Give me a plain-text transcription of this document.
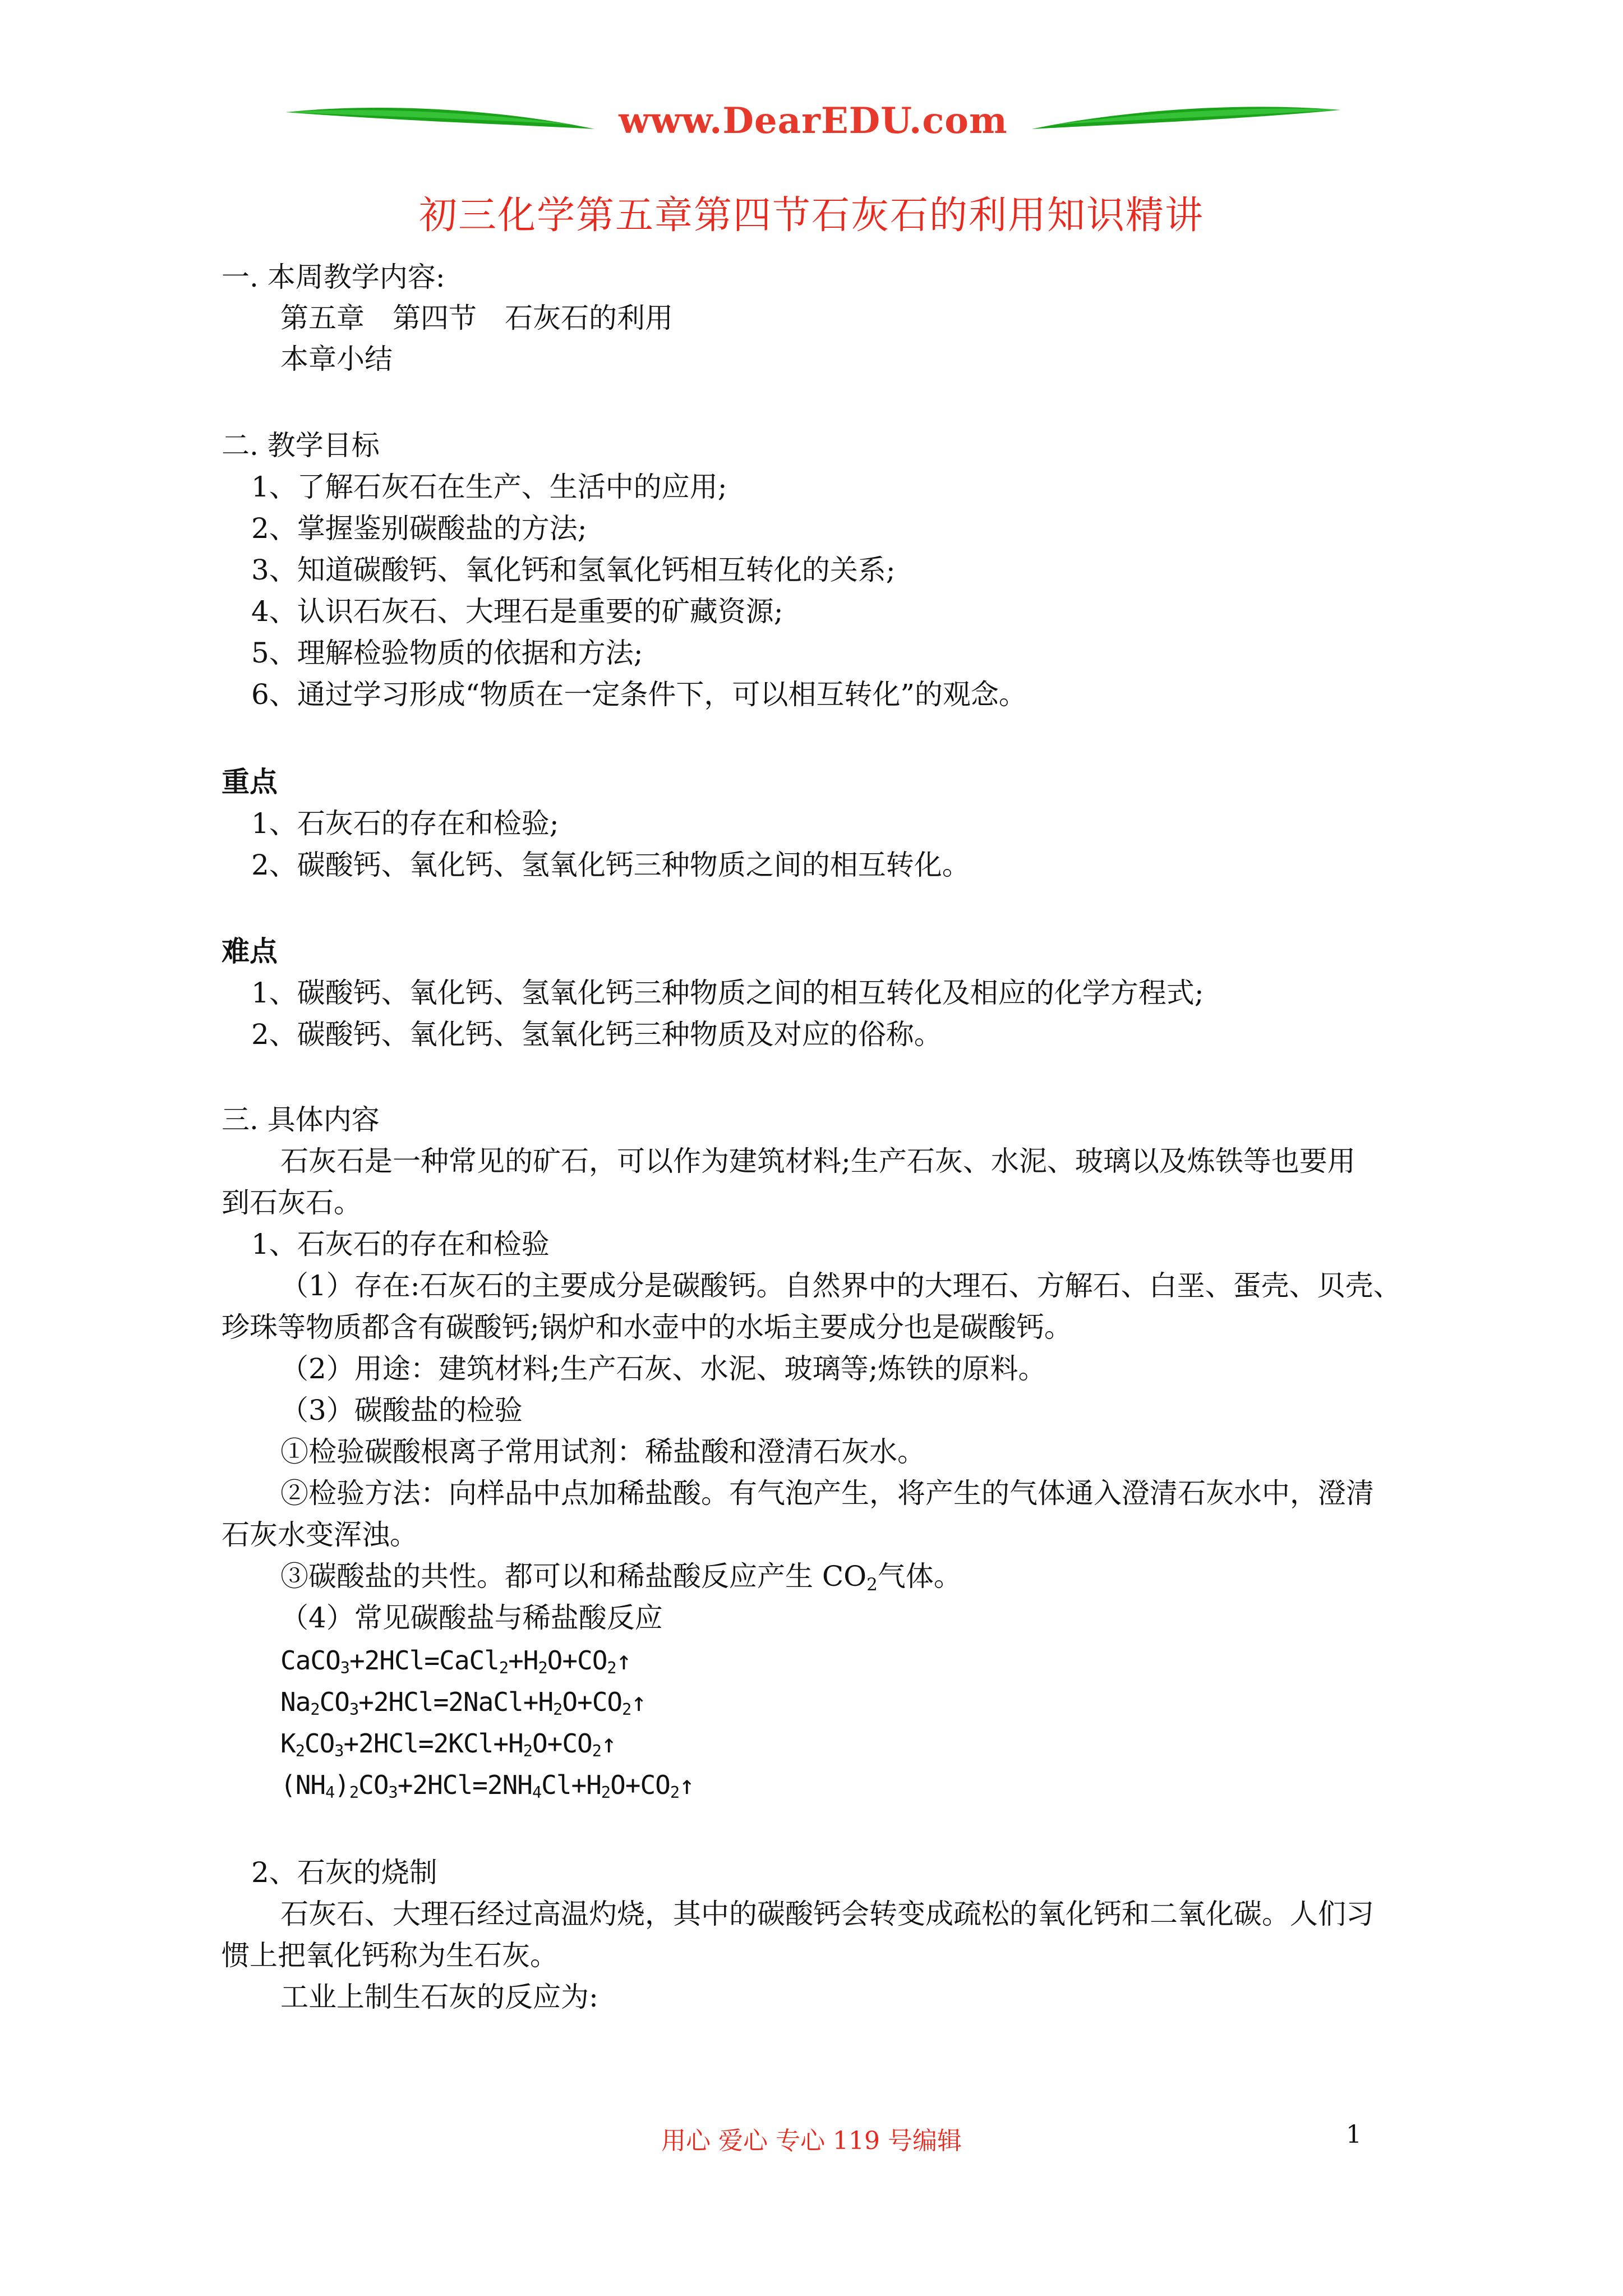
www.DearEDU.com
初三化学第五章第四节石灰石的利用知识精讲
一. 本周教学内容:
第五章　第四节　石灰石的利用
本章小结
二. 教学目标
1、了解石灰石在生产、生活中的应用;
2、掌握鉴别碳酸盐的方法;
3、知道碳酸钙、氧化钙和氢氧化钙相互转化的关系;
4、认识石灰石、大理石是重要的矿藏资源;
5、理解检验物质的依据和方法;
6、通过学习形成“物质在一定条件下，可以相互转化”的观念。
重点
1、石灰石的存在和检验;
2、碳酸钙、氧化钙、氢氧化钙三种物质之间的相互转化。
难点
1、碳酸钙、氧化钙、氢氧化钙三种物质之间的相互转化及相应的化学方程式;
2、碳酸钙、氧化钙、氢氧化钙三种物质及对应的俗称。
三. 具体内容
石灰石是一种常见的矿石，可以作为建筑材料;生产石灰、水泥、玻璃以及炼铁等也要用
到石灰石。
1、石灰石的存在和检验
（1）存在:石灰石的主要成分是碳酸钙。自然界中的大理石、方解石、白垩、蛋壳、贝壳、
珍珠等物质都含有碳酸钙;锅炉和水壶中的水垢主要成分也是碳酸钙。
（2）用途：建筑材料;生产石灰、水泥、玻璃等;炼铁的原料。
（3）碳酸盐的检验
①检验碳酸根离子常用试剂：稀盐酸和澄清石灰水。
②检验方法：向样品中点加稀盐酸。有气泡产生，将产生的气体通入澄清石灰水中，澄清
石灰水变浑浊。
③碳酸盐的共性。都可以和稀盐酸反应产生 $CO_2$气体。
（4）常见碳酸盐与稀盐酸反应
$CaCO_3+2HCl=CaCl_2+H_2O+CO_2↑$
$Na_2CO_3+2HCl=2NaCl+H_2O+CO_2↑$
$K_2CO_3+2HCl=2KCl+H_2O+CO_2↑$
$(NH_4)_2CO_3+2HCl=2NH_4Cl+H_2O+CO_2↑$
2、石灰的烧制
石灰石、大理石经过高温灼烧，其中的碳酸钙会转变成疏松的氧化钙和二氧化碳。人们习
惯上把氧化钙称为生石灰。
工业上制生石灰的反应为:
用心 爱心 专心 119 号编辑	1
